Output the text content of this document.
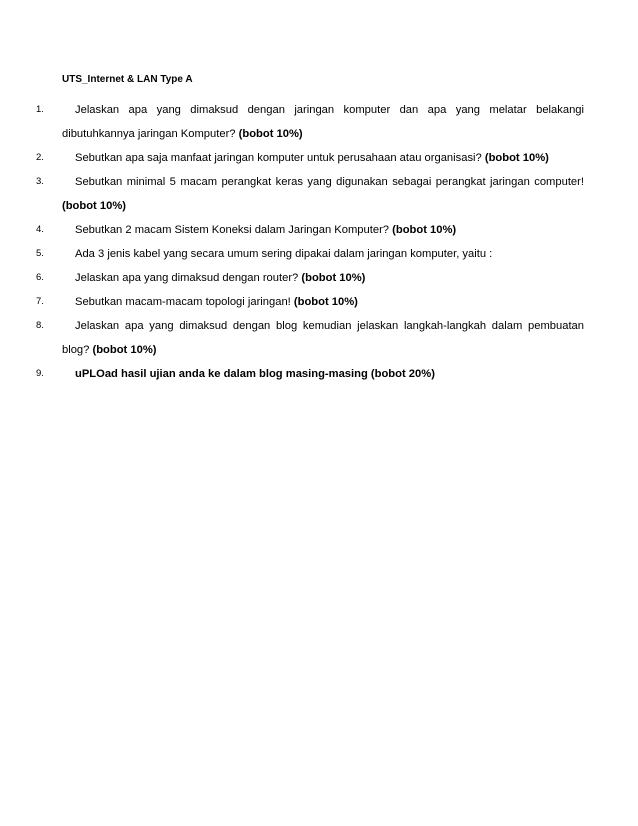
UTS_Internet & LAN Type A
1.	Jelaskan apa yang dimaksud dengan jaringan komputer dan apa yang melatar belakangi dibutuhkannya jaringan Komputer? (bobot 10%)
2.	Sebutkan apa saja manfaat jaringan komputer untuk perusahaan atau organisasi? (bobot 10%)
3.	Sebutkan minimal 5 macam perangkat keras yang digunakan sebagai perangkat jaringan computer! (bobot 10%)
4.	Sebutkan 2 macam Sistem Koneksi dalam Jaringan Komputer? (bobot 10%)
5.	Ada 3 jenis kabel yang secara umum sering dipakai dalam jaringan komputer, yaitu :
6.	Jelaskan apa yang dimaksud dengan router? (bobot 10%)
7.	Sebutkan macam-macam topologi jaringan! (bobot 10%)
8.	Jelaskan apa yang dimaksud dengan blog kemudian jelaskan langkah-langkah dalam pembuatan blog? (bobot 10%)
9.	uPLOad hasil ujian anda ke dalam blog masing-masing (bobot 20%)
